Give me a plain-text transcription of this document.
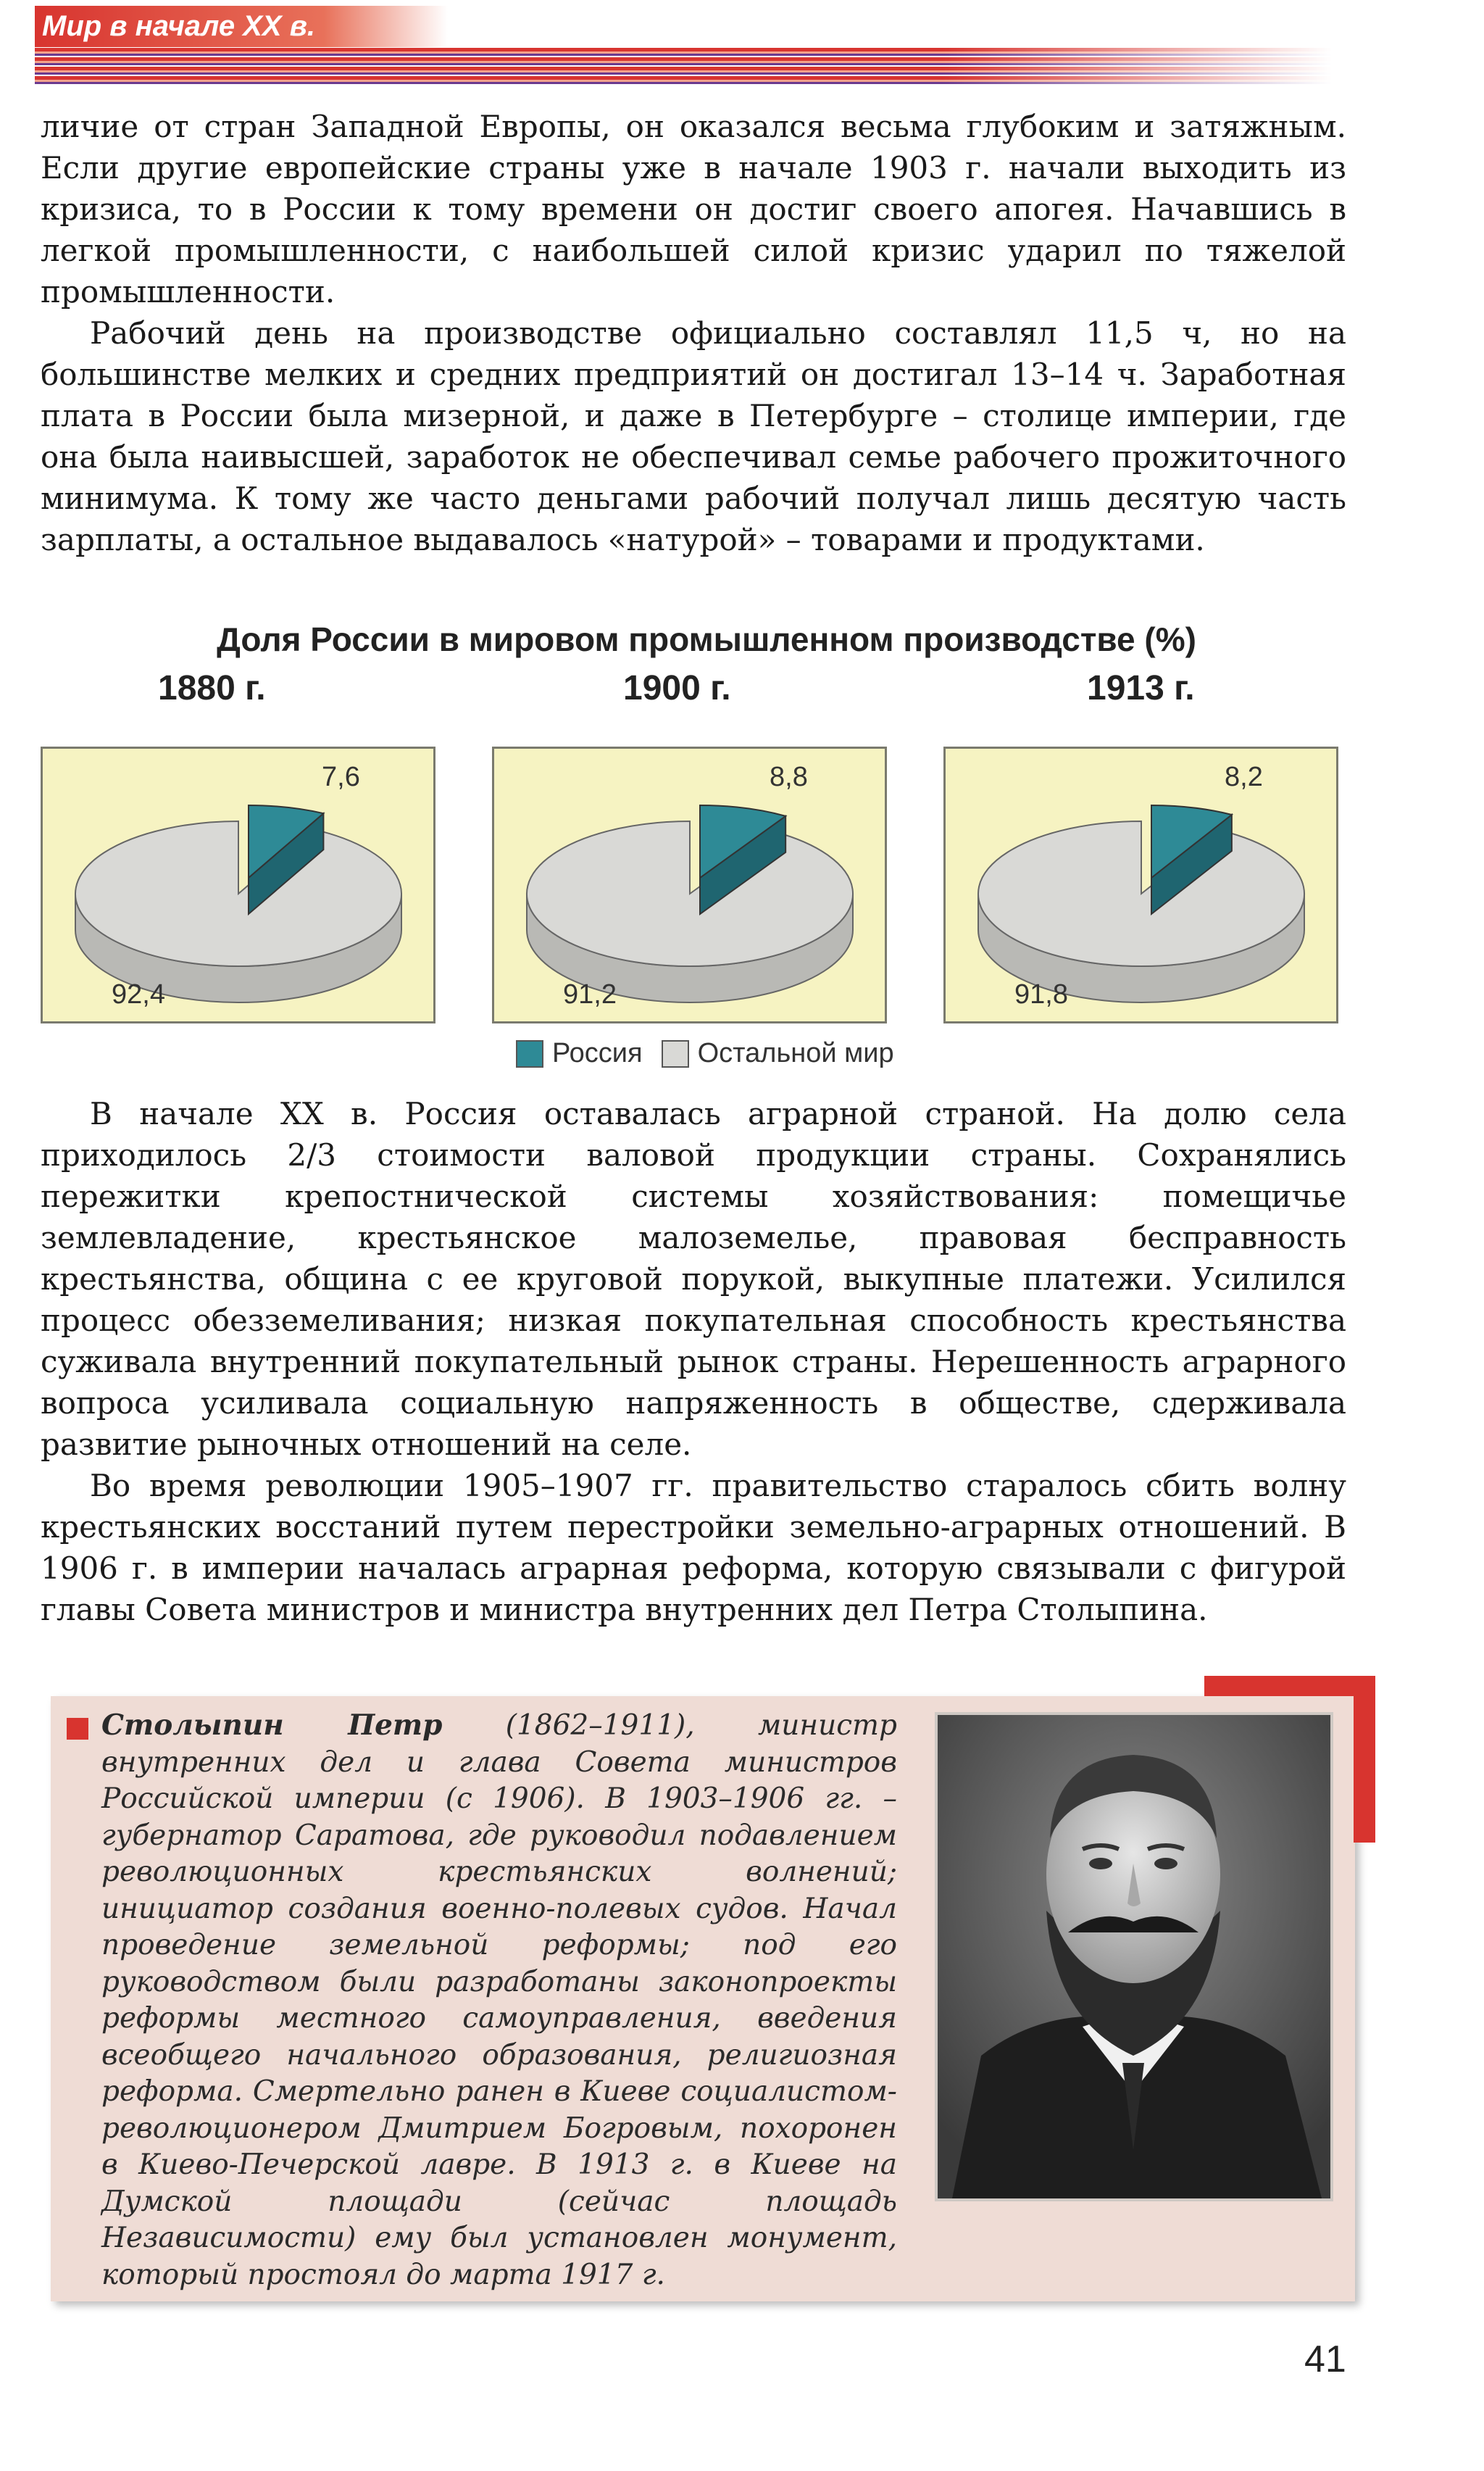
Мир в начале XX в.

личие от стран Западной Европы, он оказался весьма глубоким и затяжным. Если другие европейские страны уже в начале 1903 г. начали выходить из кризиса, то в России к тому времени он достиг своего апогея. Начавшись в легкой промышленности, с наибольшей силой кризис ударил по тяжелой промышленности.

Рабочий день на производстве официально составлял 11,5 ч, но на большинстве мелких и средних предприятий он достигал 13–14 ч. Заработная плата в России была мизерной, и даже в Петербурге – столице империи, где она была наивысшей, заработок не обеспечивал семье рабочего прожиточного минимума. К тому же часто деньгами рабочий получал лишь десятую часть зарплаты, а остальное выдавалось «натурой» – товарами и продуктами.

Доля России в мировом промышленном производстве (%)
1880 г.	1900 г.	1913 г.
7,6
92,4
8,8
91,2
8,2
91,8
Россия Остальной мир

В начале XX в. Россия оставалась аграрной страной. На долю села приходилось 2/3 стоимости валовой продукции страны. Сохранялись пережитки крепостнической системы хозяйствования: помещичье землевладение, крестьянское малоземелье, правовая бесправность крестьянства, община с ее круговой порукой, выкупные платежи. Усилился процесс обезземеливания; низкая покупательная способность крестьянства суживала внутренний покупательный рынок страны. Нерешенность аграрного вопроса усиливала социальную напряженность в обществе, сдерживала развитие рыночных отношений на селе.

Во время революции 1905–1907 гг. правительство старалось сбить волну крестьянских восстаний путем перестройки земельно-аграрных отношений. В 1906 г. в империи началась аграрная реформа, которую связывали с фигурой главы Совета министров и министра внутренних дел Петра Столыпина.

Столыпин Петр (1862–1911), министр внутренних дел и глава Совета министров Российской империи (с 1906). В 1903–1906 гг. – губернатор Саратова, где руководил подавлением революционных крестьянских волнений; инициатор создания военно-полевых судов. Начал проведение земельной реформы; под его руководством были разработаны законопроекты реформы местного самоуправления, введения всеобщего начального образования, религиозная реформа. Смертельно ранен в Киеве социалистом-революционером Дмитрием Богровым, похоронен в Киево-Печерской лавре. В 1913 г. в Киеве на Думской площади (сейчас площадь Независимости) ему был установлен монумент, который простоял до марта 1917 г.
41
